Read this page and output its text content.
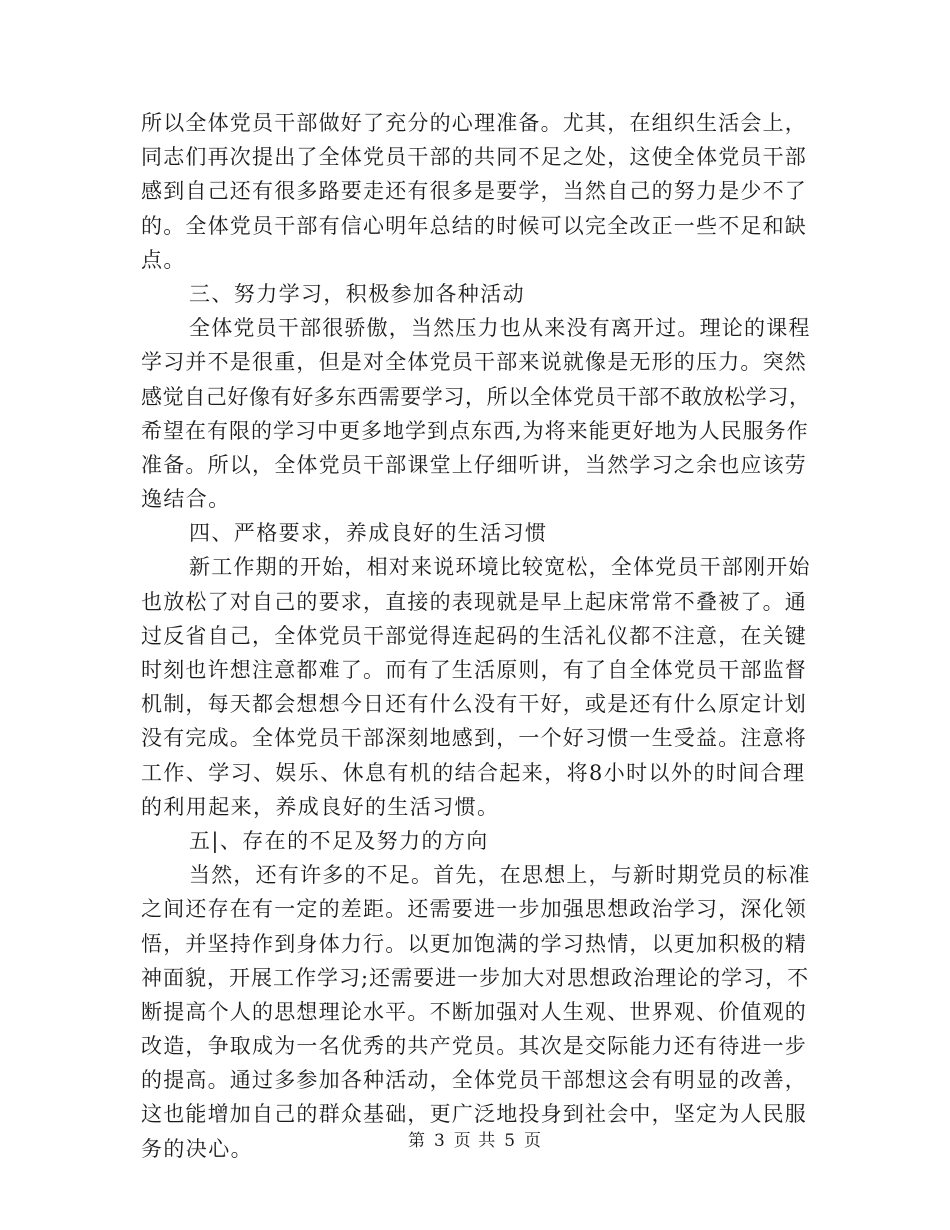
所以全体党员干部做好了充分的心理准备。尤其，在组织生活会上，
同志们再次提出了全体党员干部的共同不足之处，这使全体党员干部
感到自己还有很多路要走还有很多是要学，当然自己的努力是少不了
的。全体党员干部有信心明年总结的时候可以完全改正一些不足和缺
点。
三、努力学习，积极参加各种活动
全体党员干部很骄傲，当然压力也从来没有离开过。理论的课程
学习并不是很重，但是对全体党员干部来说就像是无形的压力。突然
感觉自己好像有好多东西需要学习，所以全体党员干部不敢放松学习，
希望在有限的学习中更多地学到点东西,为将来能更好地为人民服务作
准备。所以，全体党员干部课堂上仔细听讲，当然学习之余也应该劳
逸结合。
四、严格要求，养成良好的生活习惯
新工作期的开始，相对来说环境比较宽松，全体党员干部刚开始
也放松了对自己的要求，直接的表现就是早上起床常常不叠被了。通
过反省自己，全体党员干部觉得连起码的生活礼仪都不注意，在关键
时刻也许想注意都难了。而有了生活原则，有了自全体党员干部监督
机制，每天都会想想今日还有什么没有干好，或是还有什么原定计划
没有完成。全体党员干部深刻地感到，一个好习惯一生受益。注意将
工作、学习、娱乐、休息有机的结合起来，将8小时以外的时间合理
的利用起来，养成良好的生活习惯。
五|、存在的不足及努力的方向
当然，还有许多的不足。首先，在思想上，与新时期党员的标准
之间还存在有一定的差距。还需要进一步加强思想政治学习，深化领
悟，并坚持作到身体力行。以更加饱满的学习热情，以更加积极的精
神面貌，开展工作学习;还需要进一步加大对思想政治理论的学习，不
断提高个人的思想理论水平。不断加强对人生观、世界观、价值观的
改造，争取成为一名优秀的共产党员。其次是交际能力还有待进一步
的提高。通过多参加各种活动，全体党员干部想这会有明显的改善，
这也能增加自己的群众基础，更广泛地投身到社会中，坚定为人民服
务的决心。	第 3 页 共 5 页
